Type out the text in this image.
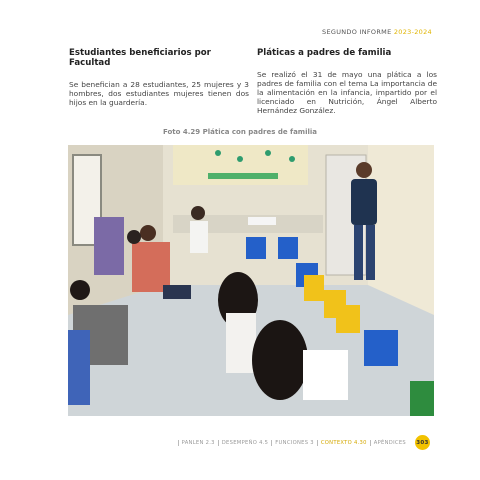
SEGUNDO INFORME 2023-2024
Estudiantes beneficiarios por Facultad

Se benefician a 28 estudiantes, 25 mujeres y 3 hombres, dos estudiantes mujeres tienen dos hijos en la guardería.

Pláticas a padres de familia

Se realizó el 31 de mayo una plática a los padres de familia con el tema La importancia de la alimentación en la infancia, impartido por el licenciado en Nutrición, Ángel Alberto Hernández González.

Foto 4.29 Plática con padres de familia
PANLEN 2.3	DESEMPEÑO 4.5	FUNCIONES 3	CONTEXTO 4.30	APÉNDICES	303
